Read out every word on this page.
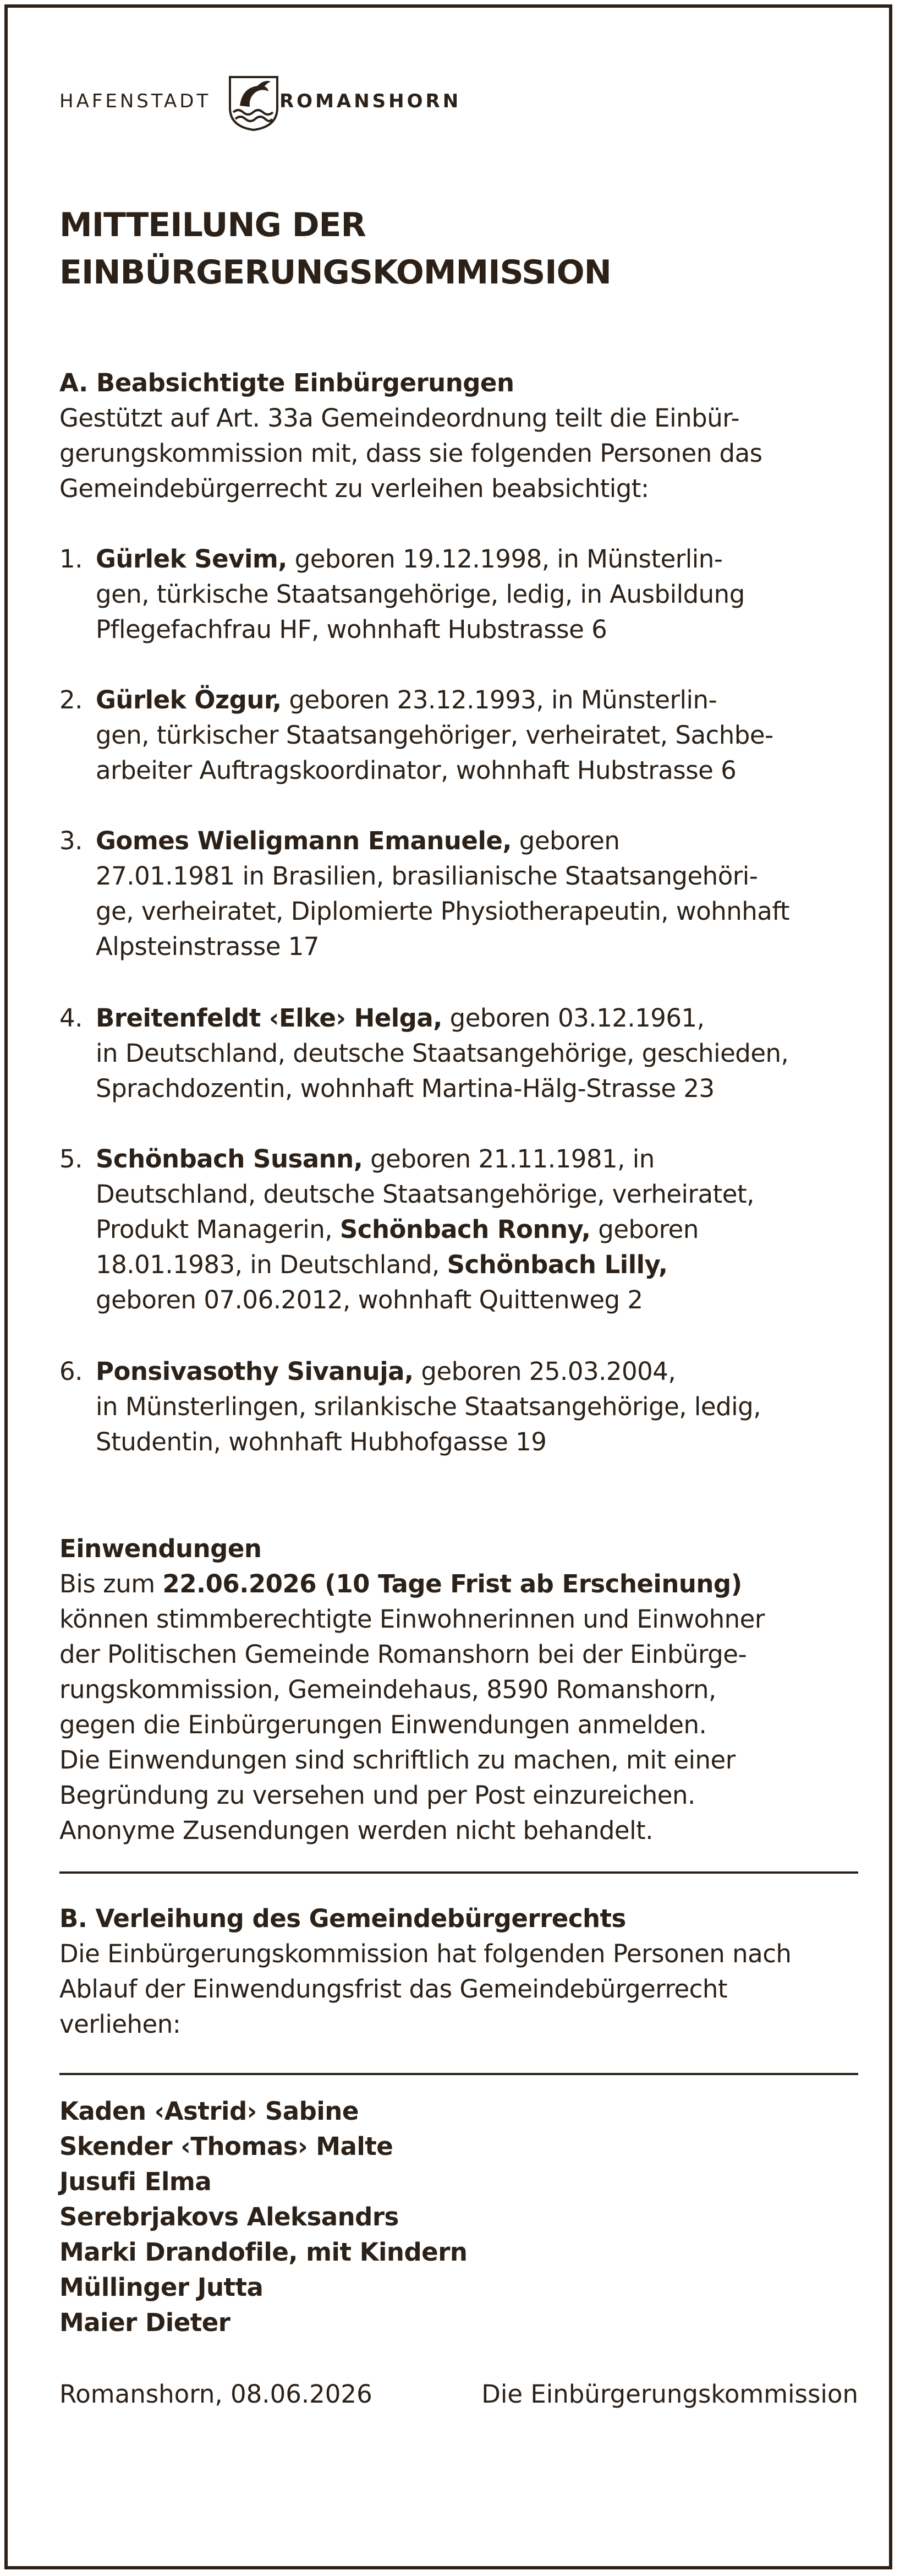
HAFENSTADT	ROMANSHORN
MITTEILUNG DER
EINBÜRGERUNGSKOMMISSION
A. Beabsichtigte Einbürgerungen
Gestützt auf Art. 33a Gemeindeordnung teilt die Einbür-
gerungskommission mit, dass sie folgenden Personen das
Gemeindebürgerrecht zu verleihen beabsichtigt:
1. Gürlek Sevim, geboren 19.12.1998, in Münsterlin-
gen, türkische Staatsangehörige, ledig, in Ausbildung
Pflegefachfrau HF, wohnhaft Hubstrasse 6
2. Gürlek Özgur, geboren 23.12.1993, in Münsterlin-
gen, türkischer Staatsangehöriger, verheiratet, Sachbe-
arbeiter Auftragskoordinator, wohnhaft Hubstrasse 6
3. Gomes Wieligmann Emanuele, geboren
27.01.1981 in Brasilien, brasilianische Staatsangehöri-
ge, verheiratet, Diplomierte Physiotherapeutin, wohnhaft
Alpsteinstrasse 17
4. Breitenfeldt ‹Elke› Helga, geboren 03.12.1961,
in Deutschland, deutsche Staatsangehörige, geschieden,
Sprachdozentin, wohnhaft Martina-Hälg-Strasse 23
5. Schönbach Susann, geboren 21.11.1981, in
Deutschland, deutsche Staatsangehörige, verheiratet,
Produkt Managerin, Schönbach Ronny, geboren
18.01.1983, in Deutschland, Schönbach Lilly,
geboren 07.06.2012, wohnhaft Quittenweg 2
6. Ponsivasothy Sivanuja, geboren 25.03.2004,
in Münsterlingen, srilankische Staatsangehörige, ledig,
Studentin, wohnhaft Hubhofgasse 19
Einwendungen
Bis zum 22.06.2026 (10 Tage Frist ab Erscheinung)
können stimmberechtigte Einwohnerinnen und Einwohner
der Politischen Gemeinde Romanshorn bei der Einbürge-
rungskommission, Gemeindehaus, 8590 Romanshorn,
gegen die Einbürgerungen Einwendungen anmelden.
Die Einwendungen sind schriftlich zu machen, mit einer
Begründung zu versehen und per Post einzureichen.
Anonyme Zusendungen werden nicht behandelt.
B. Verleihung des Gemeindebürgerrechts
Die Einbürgerungskommission hat folgenden Personen nach
Ablauf der Einwendungsfrist das Gemeindebürgerrecht
verliehen:
Kaden ‹Astrid› Sabine
Skender ‹Thomas› Malte
Jusufi Elma
Serebrjakovs Aleksandrs
Marki Drandofile, mit Kindern
Müllinger Jutta
Maier Dieter
Romanshorn, 08.06.2026	Die Einbürgerungskommission
